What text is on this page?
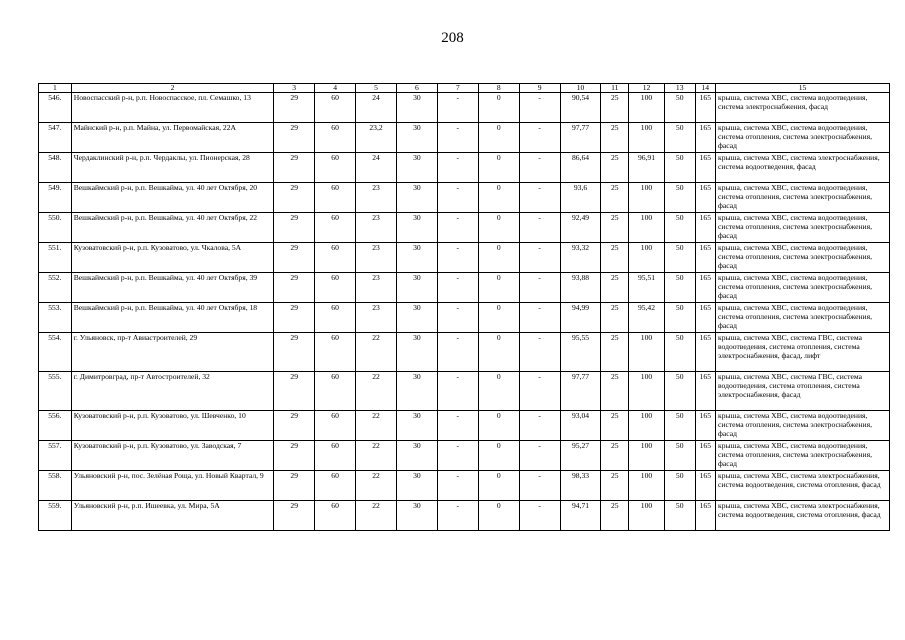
208
1	2	3	4	5	6	7	8	9	10	11	12	13	14	15
546.	Новоспасский р-н, р.п. Новоспасское, пл. Семашко, 13	29	60	24	30	-	0	-	90,54	25	100	50	165	крыша, система ХВС, система водоотведения, система электроснабжения, фасад
547.	Майнский р-н, р.п. Майна, ул. Первомайская, 22А	29	60	23,2	30	-	0	-	97,77	25	100	50	165	крыша, система ХВС, система водоотведения, система отопления, система электроснабжения, фасад
548.	Чердаклинский р-н, р.п. Чердаклы, ул. Пионерская, 28	29	60	24	30	-	0	-	86,64	25	96,91	50	165	крыша, система ХВС, система электроснабжения, система водоотведения, фасад
549.	Вешкаймский р-н, р.п. Вешкайма, ул. 40 лет Октября, 20	29	60	23	30	-	0	-	93,6	25	100	50	165	крыша, система ХВС, система водоотведения, система отопления, система электроснабжения, фасад
550.	Вешкаймский р-н, р.п. Вешкайма, ул. 40 лет Октября, 22	29	60	23	30	-	0	-	92,49	25	100	50	165	крыша, система ХВС, система водоотведения, система отопления, система электроснабжения, фасад
551.	Кузоватовский р-н, р.п. Кузоватово, ул. Чкалова, 5А	29	60	23	30	-	0	-	93,32	25	100	50	165	крыша, система ХВС, система водоотведения, система отопления, система электроснабжения, фасад
552.	Вешкаймский р-н, р.п. Вешкайма, ул. 40 лет Октября, 39	29	60	23	30	-	0	-	93,88	25	95,51	50	165	крыша, система ХВС, система водоотведения, система отопления, система электроснабжения, фасад
553.	Вешкаймский р-н, р.п. Вешкайма, ул. 40 лет Октября, 18	29	60	23	30	-	0	-	94,99	25	95,42	50	165	крыша, система ХВС, система водоотведения, система отопления, система электроснабжения, фасад
554.	г. Ульяновск, пр-т Авиастроителей, 29	29	60	22	30	-	0	-	95,55	25	100	50	165	крыша, система ХВС, система ГВС, система водоотведения, система отопления, система электроснабжения, фасад, лифт
555.	г. Димитровград, пр-т Автостроителей, 32	29	60	22	30	-	0	-	97,77	25	100	50	165	крыша, система ХВС, система ГВС, система водоотведения, система отопления, система электроснабжения, фасад
556.	Кузоватовский р-н, р.п. Кузоватово, ул. Шевченко, 10	29	60	22	30	-	0	-	93,04	25	100	50	165	крыша, система ХВС, система водоотведения, система отопления, система электроснабжения, фасад
557.	Кузоватовский р-н, р.п. Кузоватово, ул. Заводская, 7	29	60	22	30	-	0	-	95,27	25	100	50	165	крыша, система ХВС, система водоотведения, система отопления, система электроснабжения, фасад
558.	Ульяновский р-н, пос. Зелёная Роща, ул. Новый Квартал, 9	29	60	22	30	-	0	-	98,33	25	100	50	165	крыша, система ХВС, система электроснабжения, система водоотведения, система отопления, фасад
559.	Ульяновский р-н, р.п. Ишеевка, ул. Мира, 5А	29	60	22	30	-	0	-	94,71	25	100	50	165	крыша, система ХВС, система электроснабжения, система водоотведения, система отопления, фасад
